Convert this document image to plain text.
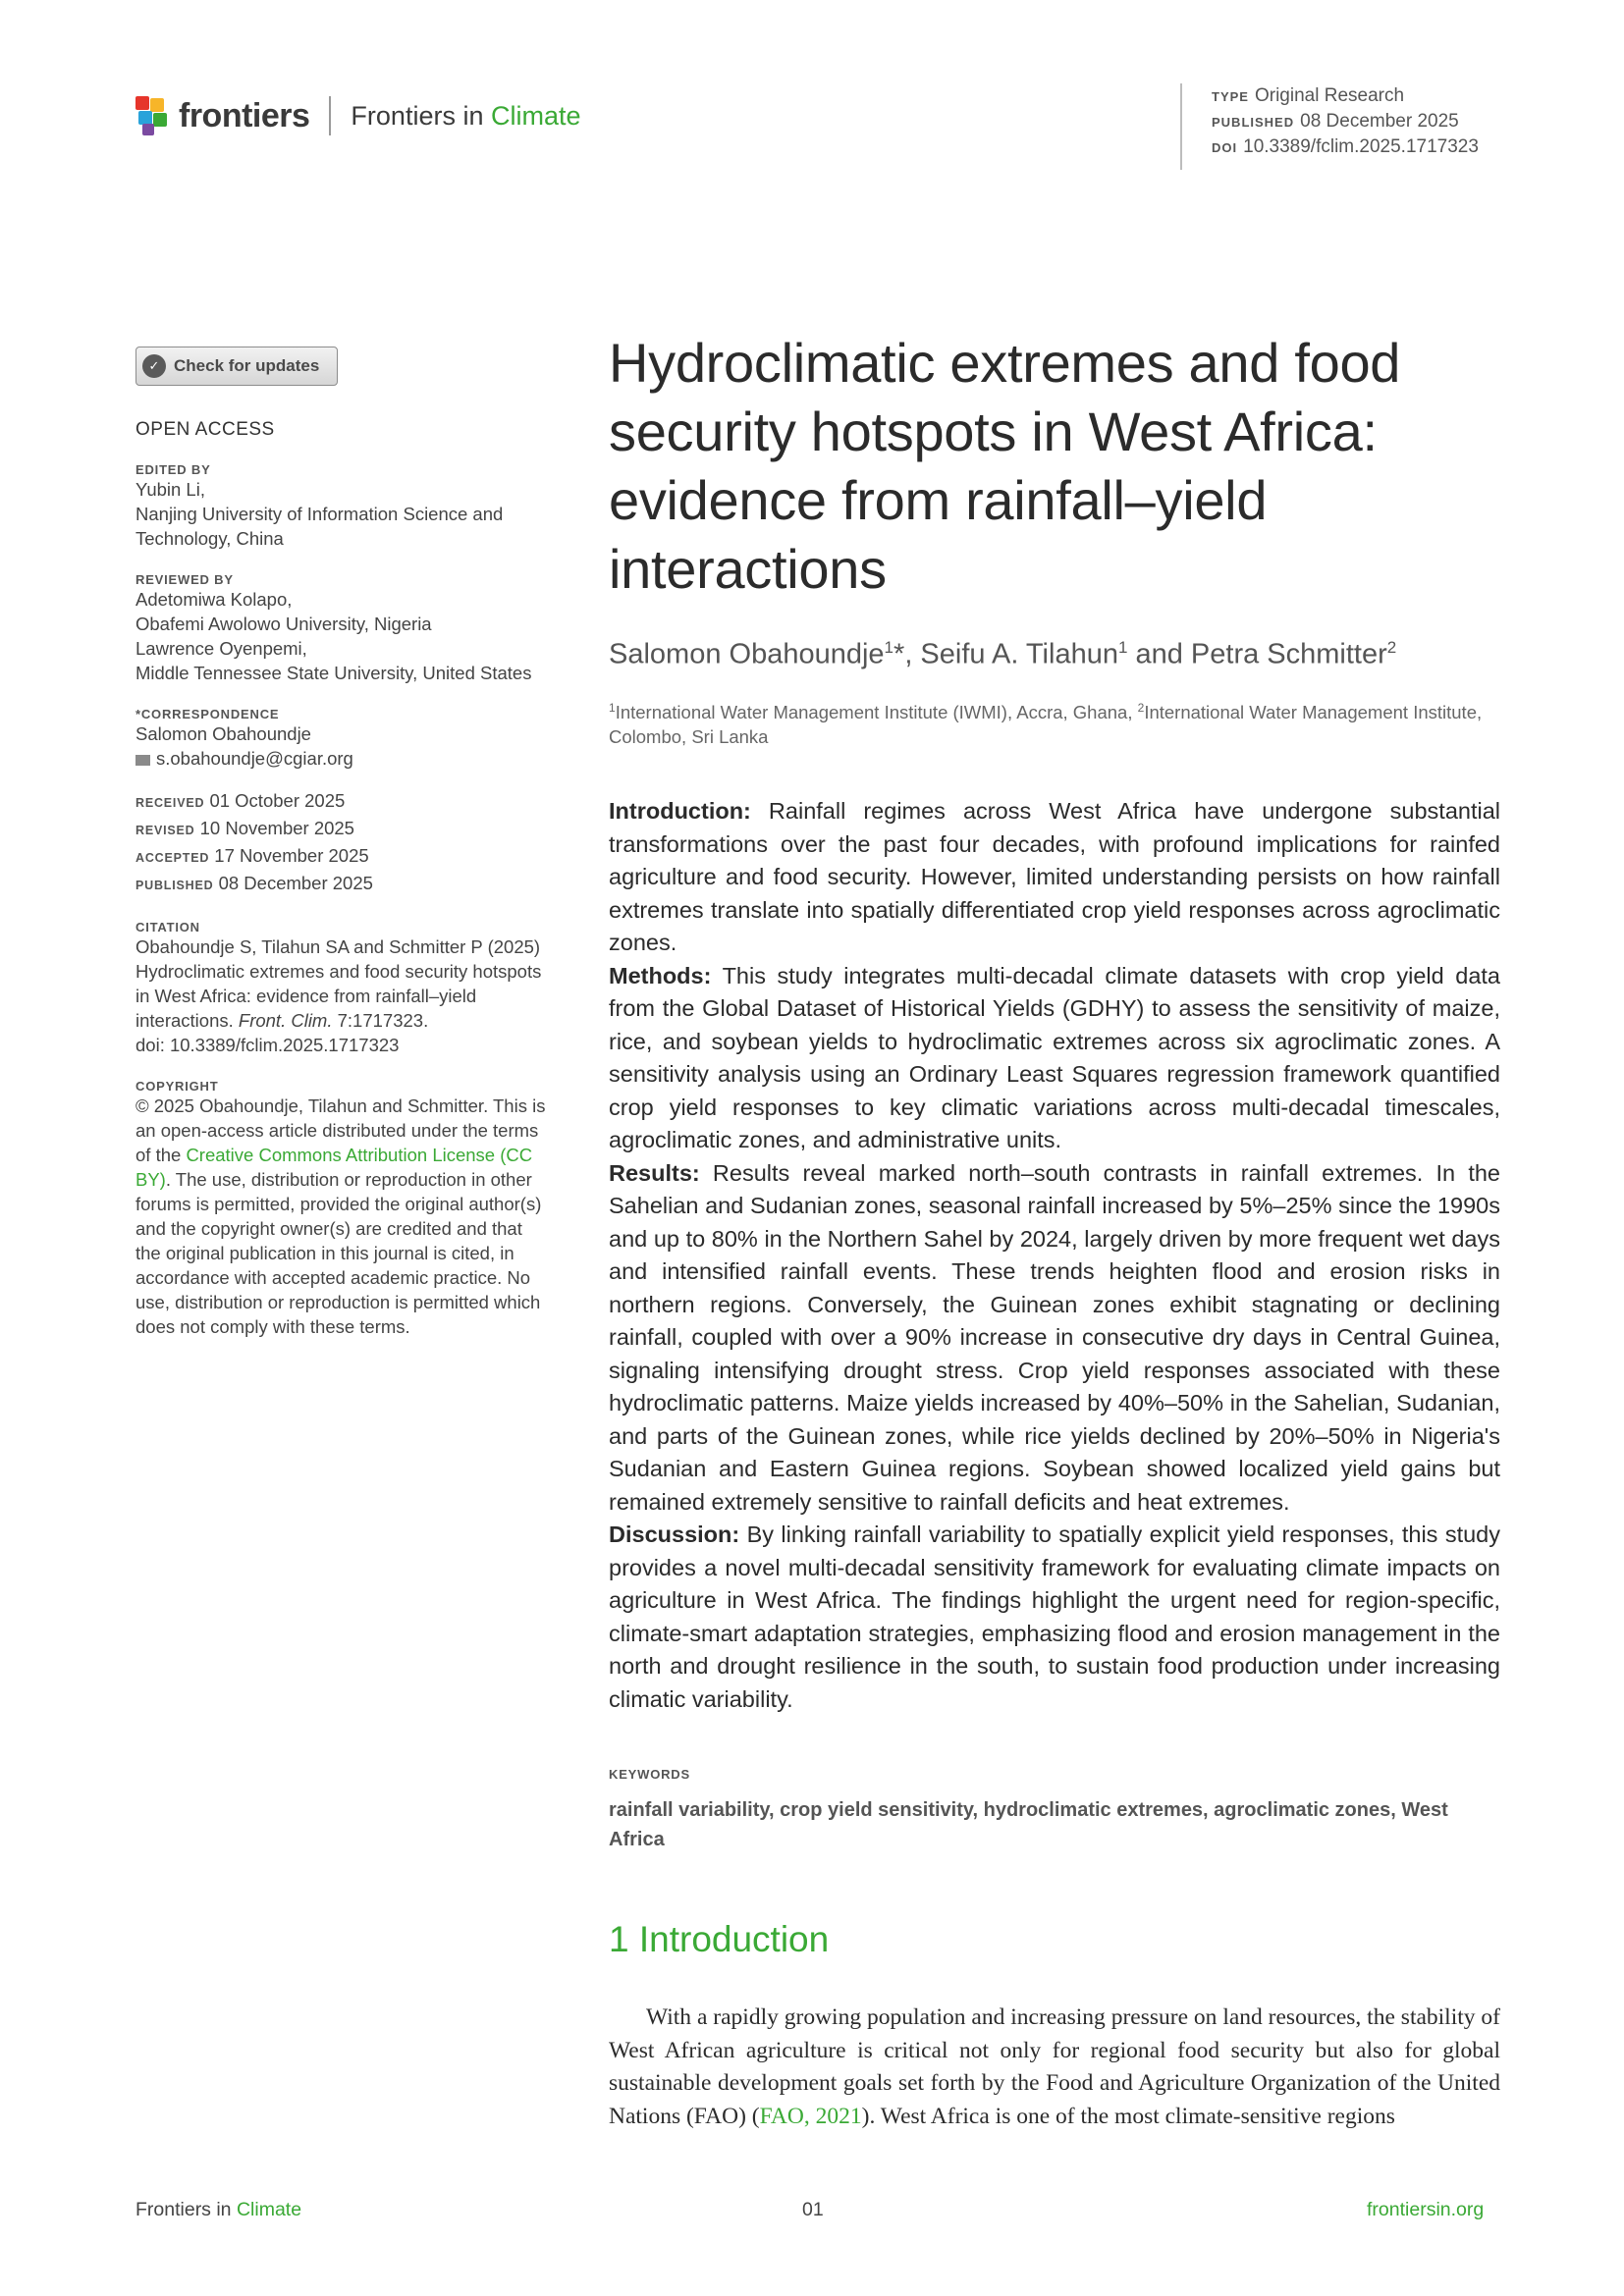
frontiers Frontiers in Climate
TYPE Original Research
PUBLISHED 08 December 2025
DOI 10.3389/fclim.2025.1717323
✓ Check for updates
OPEN ACCESS
EDITED BY
Yubin Li,
Nanjing University of Information Science and Technology, China
REVIEWED BY
Adetomiwa Kolapo,
Obafemi Awolowo University, Nigeria
Lawrence Oyenpemi,
Middle Tennessee State University, United States
*CORRESPONDENCE
Salomon Obahoundje
s.obahoundje@cgiar.org
RECEIVED 01 October 2025
REVISED 10 November 2025
ACCEPTED 17 November 2025
PUBLISHED 08 December 2025
CITATION
Obahoundje S, Tilahun SA and Schmitter P (2025) Hydroclimatic extremes and food security hotspots in West Africa: evidence from rainfall–yield interactions. Front. Clim. 7:1717323.
doi: 10.3389/fclim.2025.1717323
COPYRIGHT
© 2025 Obahoundje, Tilahun and Schmitter. This is an open-access article distributed under the terms of the Creative Commons Attribution License (CC BY). The use, distribution or reproduction in other forums is permitted, provided the original author(s) and the copyright owner(s) are credited and that the original publication in this journal is cited, in accordance with accepted academic practice. No use, distribution or reproduction is permitted which does not comply with these terms.
Hydroclimatic extremes and food security hotspots in West Africa: evidence from rainfall–yield interactions
Salomon Obahoundje$^1$*, Seifu A. Tilahun$^1$ and Petra Schmitter$^2$
$^1$International Water Management Institute (IWMI), Accra, Ghana, $^2$International Water Management Institute, Colombo, Sri Lanka

Introduction: Rainfall regimes across West Africa have undergone substantial transformations over the past four decades, with profound implications for rainfed agriculture and food security. However, limited understanding persists on how rainfall extremes translate into spatially differentiated crop yield responses across agroclimatic zones.

Methods: This study integrates multi-decadal climate datasets with crop yield data from the Global Dataset of Historical Yields (GDHY) to assess the sensitivity of maize, rice, and soybean yields to hydroclimatic extremes across six agroclimatic zones. A sensitivity analysis using an Ordinary Least Squares regression framework quantified crop yield responses to key climatic variations across multi-decadal timescales, agroclimatic zones, and administrative units.

Results: Results reveal marked north–south contrasts in rainfall extremes. In the Sahelian and Sudanian zones, seasonal rainfall increased by 5%–25% since the 1990s and up to 80% in the Northern Sahel by 2024, largely driven by more frequent wet days and intensified rainfall events. These trends heighten flood and erosion risks in northern regions. Conversely, the Guinean zones exhibit stagnating or declining rainfall, coupled with over a 90% increase in consecutive dry days in Central Guinea, signaling intensifying drought stress. Crop yield responses associated with these hydroclimatic patterns. Maize yields increased by 40%–50% in the Sahelian, Sudanian, and parts of the Guinean zones, while rice yields declined by 20%–50% in Nigeria's Sudanian and Eastern Guinea regions. Soybean showed localized yield gains but remained extremely sensitive to rainfall deficits and heat extremes.

Discussion: By linking rainfall variability to spatially explicit yield responses, this study provides a novel multi-decadal sensitivity framework for evaluating climate impacts on agriculture in West Africa. The findings highlight the urgent need for region-specific, climate-smart adaptation strategies, emphasizing flood and erosion management in the north and drought resilience in the south, to sustain food production under increasing climatic variability.

KEYWORDS
rainfall variability, crop yield sensitivity, hydroclimatic extremes, agroclimatic zones, West Africa
1 Introduction
With a rapidly growing population and increasing pressure on land resources, the stability of West African agriculture is critical not only for regional food security but also for global sustainable development goals set forth by the Food and Agriculture Organization of the United Nations (FAO) (FAO, 2021). West Africa is one of the most climate-sensitive regions
Frontiers in Climate	01	frontiersin.org
